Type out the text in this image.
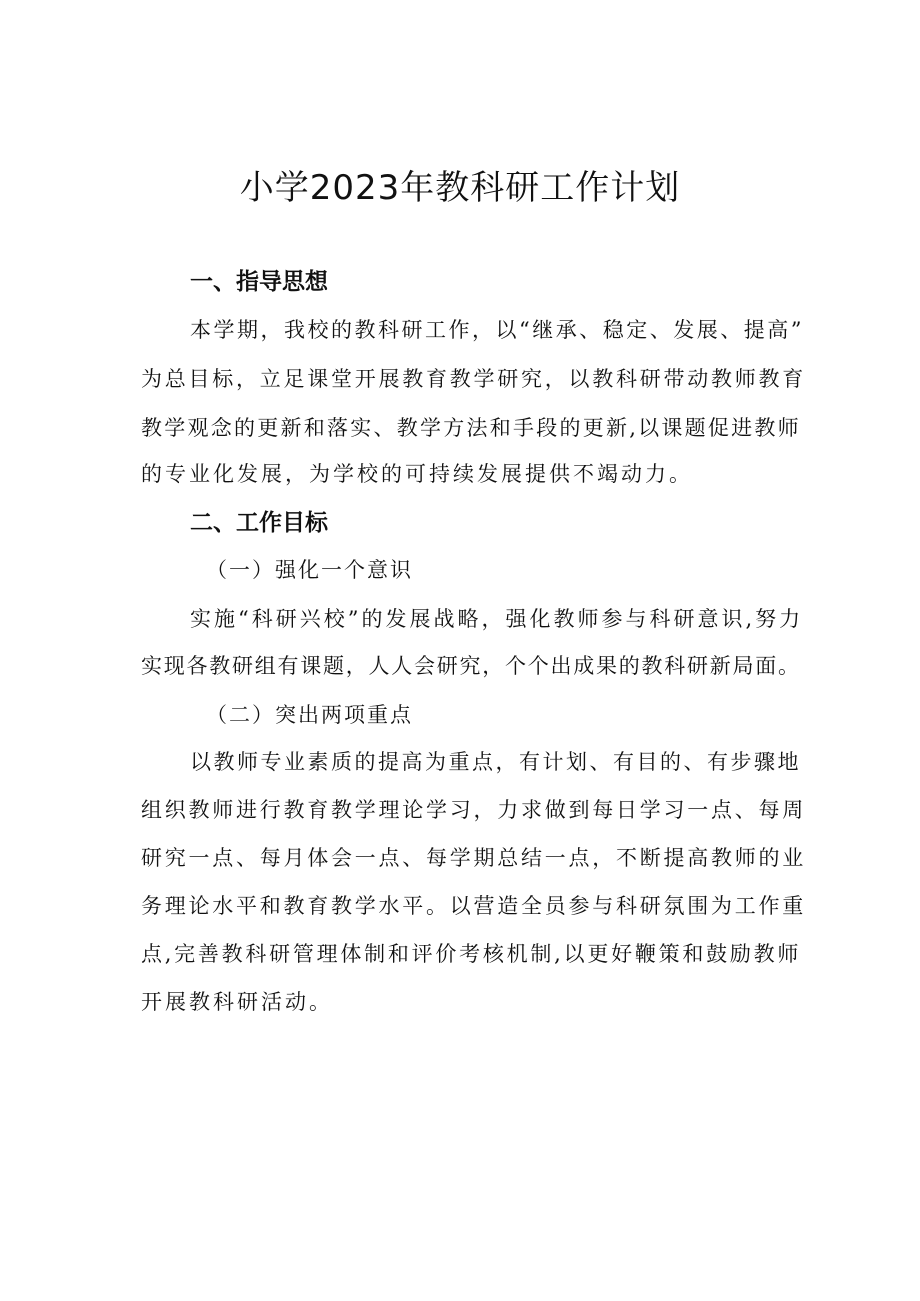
小学2023年教科研工作计划
一、指导思想
本学期，我校的教科研工作，以“继承、稳定、发展、提高”
为总目标，立足课堂开展教育教学研究，以教科研带动教师教育
教学观念的更新和落实、教学方法和手段的更新,以课题促进教师
的专业化发展，为学校的可持续发展提供不竭动力。
二、工作目标
（一）强化一个意识
实施“科研兴校”的发展战略，强化教师参与科研意识,努力
实现各教研组有课题，人人会研究，个个出成果的教科研新局面。
（二）突出两项重点
以教师专业素质的提高为重点，有计划、有目的、有步骤地
组织教师进行教育教学理论学习，力求做到每日学习一点、每周
研究一点、每月体会一点、每学期总结一点，不断提高教师的业
务理论水平和教育教学水平。以营造全员参与科研氛围为工作重
点,完善教科研管理体制和评价考核机制,以更好鞭策和鼓励教师
开展教科研活动。
